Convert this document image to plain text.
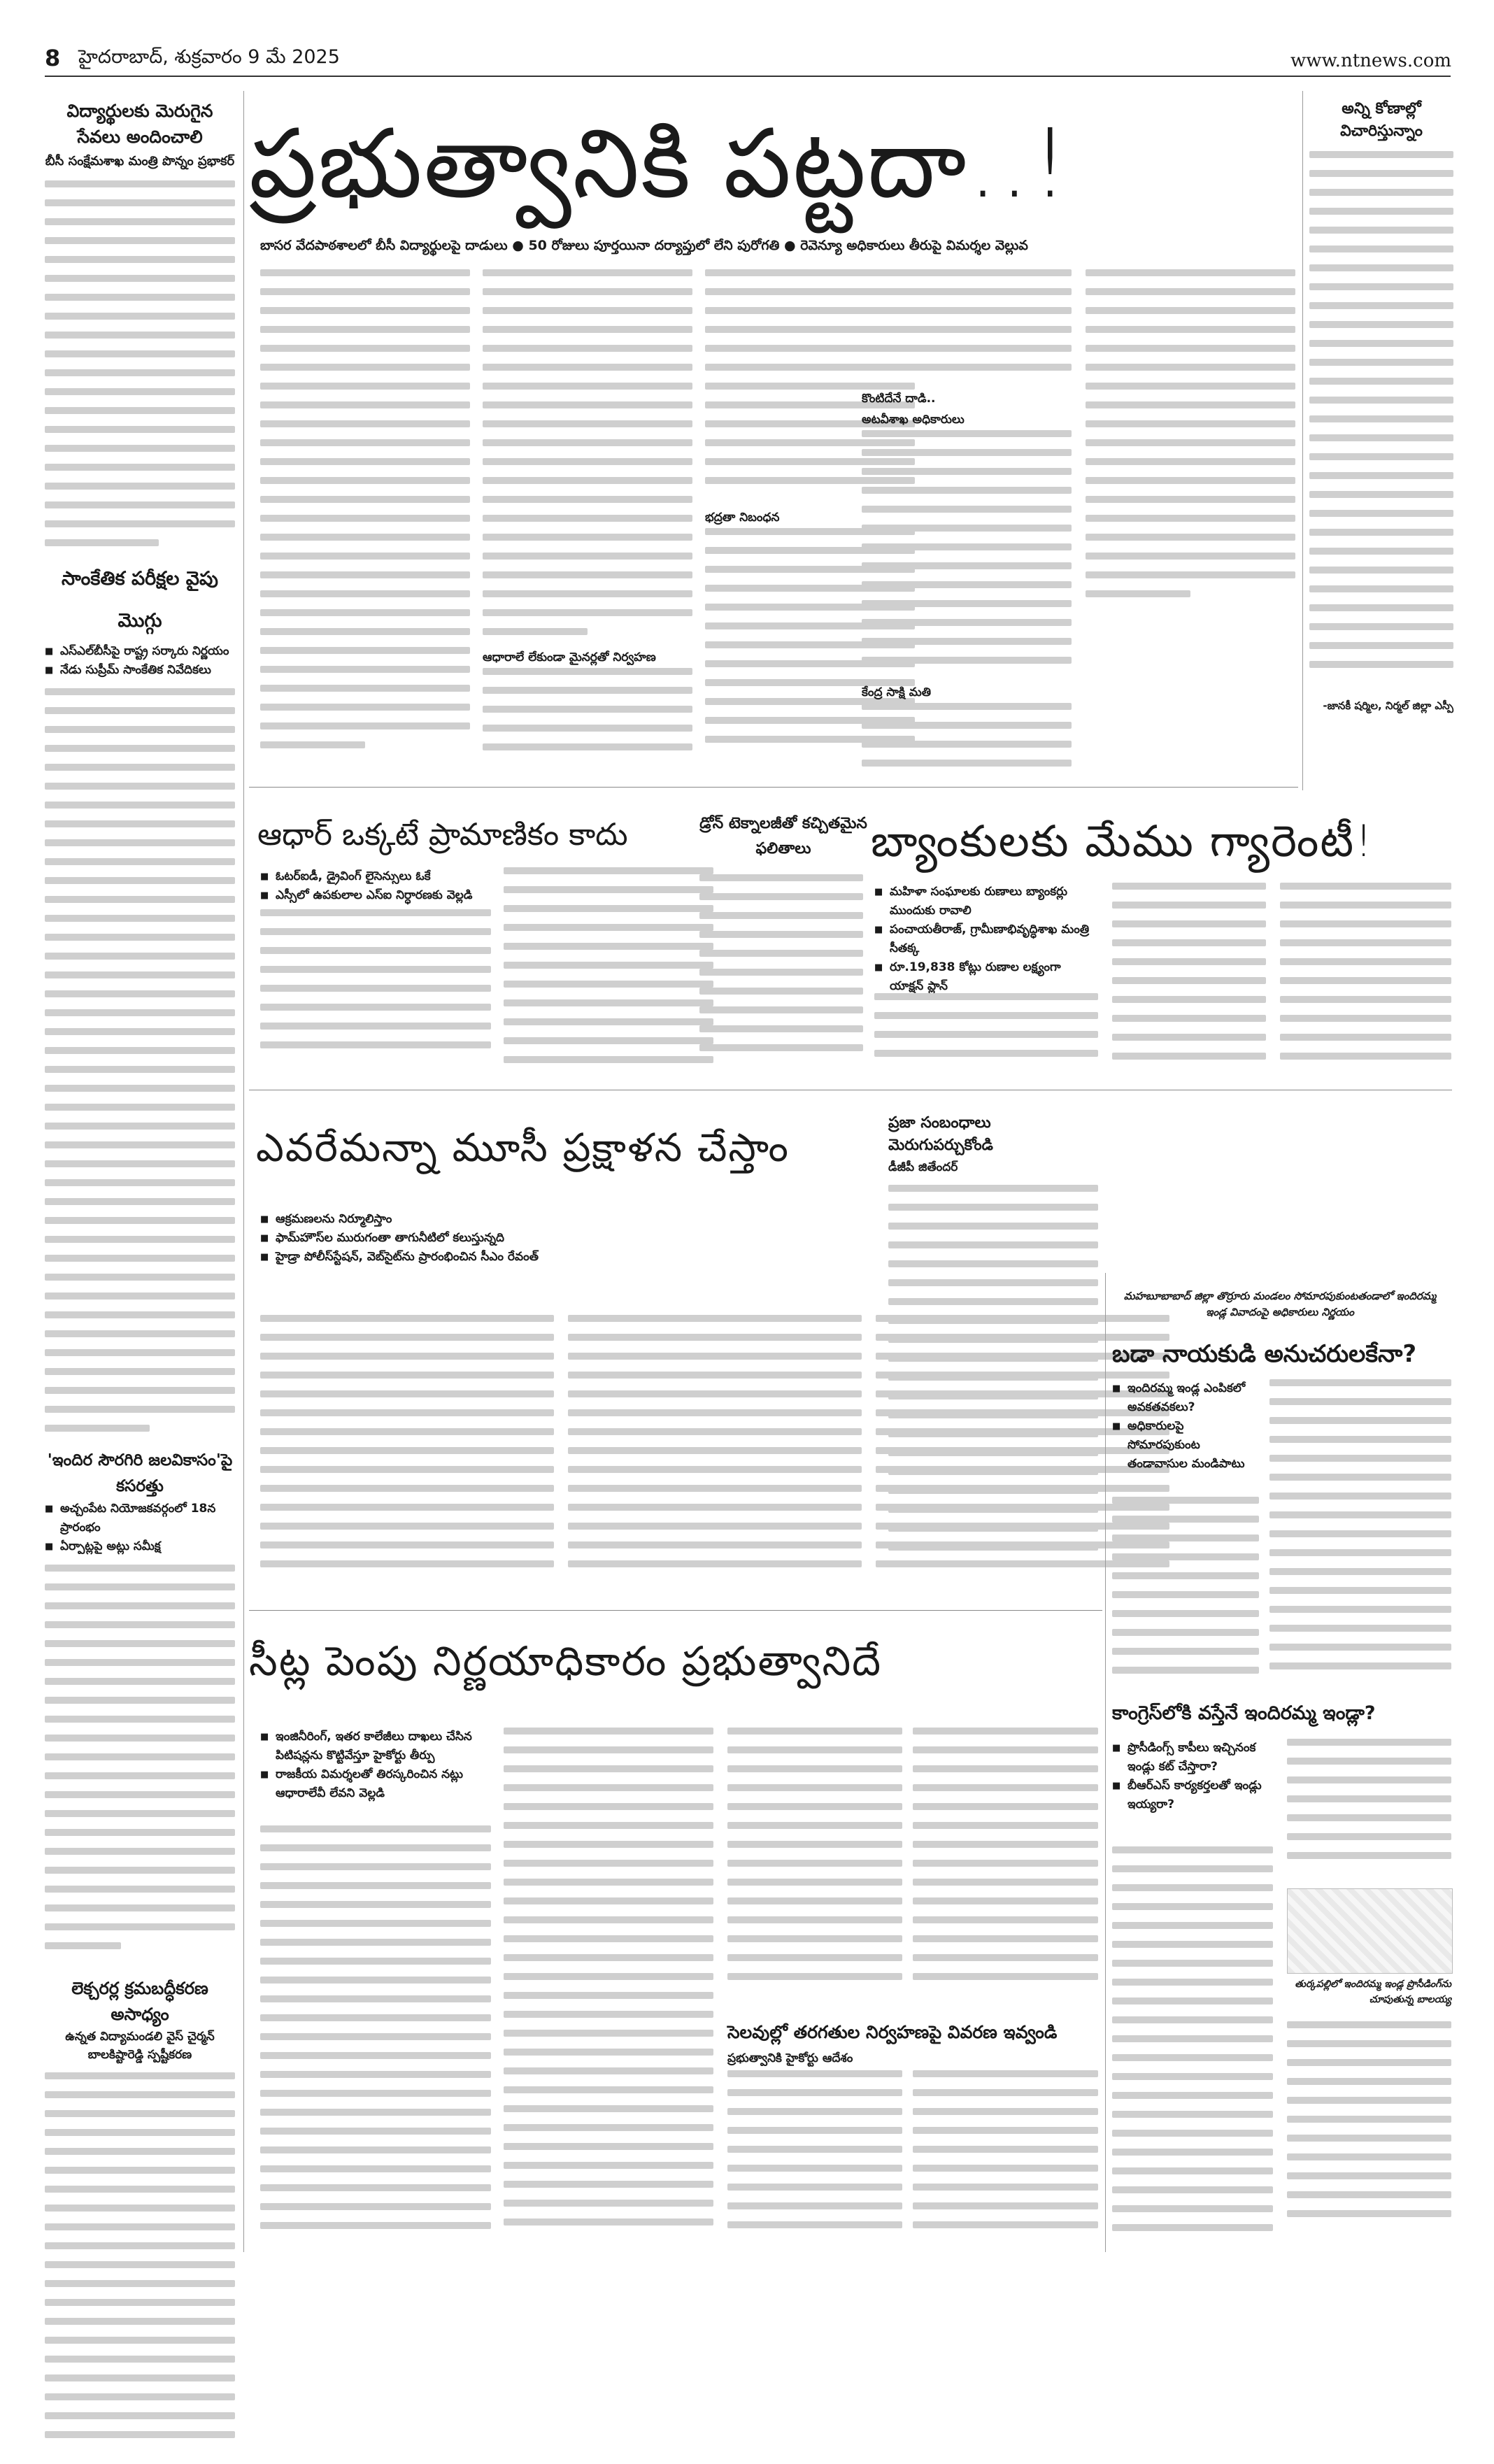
8 హైదరాబాద్‌, శుక్రవారం 9 మే 2025	www.ntnews.com
విద్యార్థులకు మెరుగైన సేవలు అందించాలి
బీసీ సంక్షేమశాఖ మంత్రి పొన్నం ప్రభాకర్
సాంకేతిక పరీక్షల వైపు మొగ్గు
■ ఎస్‌ఎల్‌బీసీపై రాష్ట్ర సర్కారు నిర్ణయం
■ నేడు సుప్రీమ్ సాంకేతిక నివేదికలు
'ఇందిర సౌరగిరి జలవికాసం'పై కసరత్తు
■ అచ్చంపేట నియోజకవర్గంలో 18న ప్రారంభం
■ ఏర్పాట్లపై అట్లు సమీక్ష
లెక్చరర్ల క్రమబద్ధీకరణ అసాధ్యం
ఉన్నత విద్యామండలి వైస్ చైర్మన్ బాలకిష్టారెడ్డి స్పష్టీకరణ
ప్రభుత్వానికి పట్టదా..!
బాసర వేదపాఠశాలలో బీసీ విద్యార్థులపై దాడులు ● 50 రోజులు పూర్తయినా దర్యాప్తులో లేని పురోగతి ● రెవెన్యూ అధికారులు తీరుపై విమర్శల వెల్లువ
ఆధారాలే లేకుండా మైనర్లతో నిర్వహణ
భద్రతా నిబంధన
కొంటిదేనే దాడి..
అటవీశాఖ అధికారులు
కేంద్ర సాక్షి మతి
అన్ని కోణాల్లో విచారిస్తున్నాం
-జానకీ షర్మిల, నిర్మల్ జిల్లా ఎస్పీ
ఆధార్ ఒక్కటే ప్రామాణికం కాదు
■ ఓటర్‌ఐడీ, డ్రైవింగ్ లైసెన్సులు ఓకే
■ ఎస్సీలో ఉపకులాల ఎస్‌ఐ నిర్ధారణకు వెల్లడి
డ్రోన్ టెక్నాలజీతో కచ్చితమైన ఫలితాలు	బ్యాంకులకు మేము గ్యారెంటీ!
■ మహిళా సంఘాలకు రుణాలు బ్యాంకర్లు ముందుకు రావాలి
■ పంచాయతీరాజ్, గ్రామీణాభివృద్ధిశాఖ మంత్రి సీతక్క
■ రూ.19,838 కోట్లు రుణాల లక్ష్యంగా యాక్షన్ ప్లాన్
ఎవరేమన్నా మూసీ ప్రక్షాళన చేస్తాం
■ ఆక్రమణలను నిర్మూలిస్తాం
■ ఫామ్‌హౌస్‌ల మురుగంతా తాగునీటిలో కలుస్తున్నది
■ హైడ్రా పోలీస్‌స్టేషన్, వెబ్‌సైట్‌ను ప్రారంభించిన సీఎం రేవంత్
ప్రజా సంబంధాలు మెరుగుపర్చుకోండి
డీజీపీ జితేందర్
మహబూబాబాద్ జిల్లా తొర్రూరు మండలం సోమారపుకుంటతండాలో ఇందిరమ్మ ఇండ్ల వివాదంపై అధికారులు నిర్ణయం
బడా నాయకుడి అనుచరులకేనా?
■ ఇందిరమ్మ ఇండ్ల ఎంపికలో అవకతవకలు?
■ అధికారులపై సోమారపుకుంట తండావాసుల మండిపాటు
కాంగ్రెస్‌లోకి వస్తేనే ఇందిరమ్మ ఇండ్లా?
■ ప్రొసీడింగ్స్ కాపీలు ఇచ్చినంక ఇండ్లు కట్ చేస్తారా?
■ బీఆర్‌ఎస్ కార్యకర్తలతో ఇండ్లు ఇయ్యరా?
తుర్కపల్లిలో ఇందిరమ్మ ఇండ్ల ప్రొసీడింగ్‌ను చూపుతున్న బాలయ్య
సీట్ల పెంపు నిర్ణయాధికారం ప్రభుత్వానిదే
■ ఇంజినీరింగ్, ఇతర కాలేజీలు దాఖలు చేసిన పిటిషన్లను కొట్టివేస్తూ హైకోర్టు తీర్పు
■ రాజకీయ విమర్శలతో తిరస్కరించిన నట్లు ఆధారాలేవీ లేవని వెల్లడి
సెలవుల్లో తరగతుల నిర్వహణపై వివరణ ఇవ్వండి
ప్రభుత్వానికి హైకోర్టు ఆదేశం
